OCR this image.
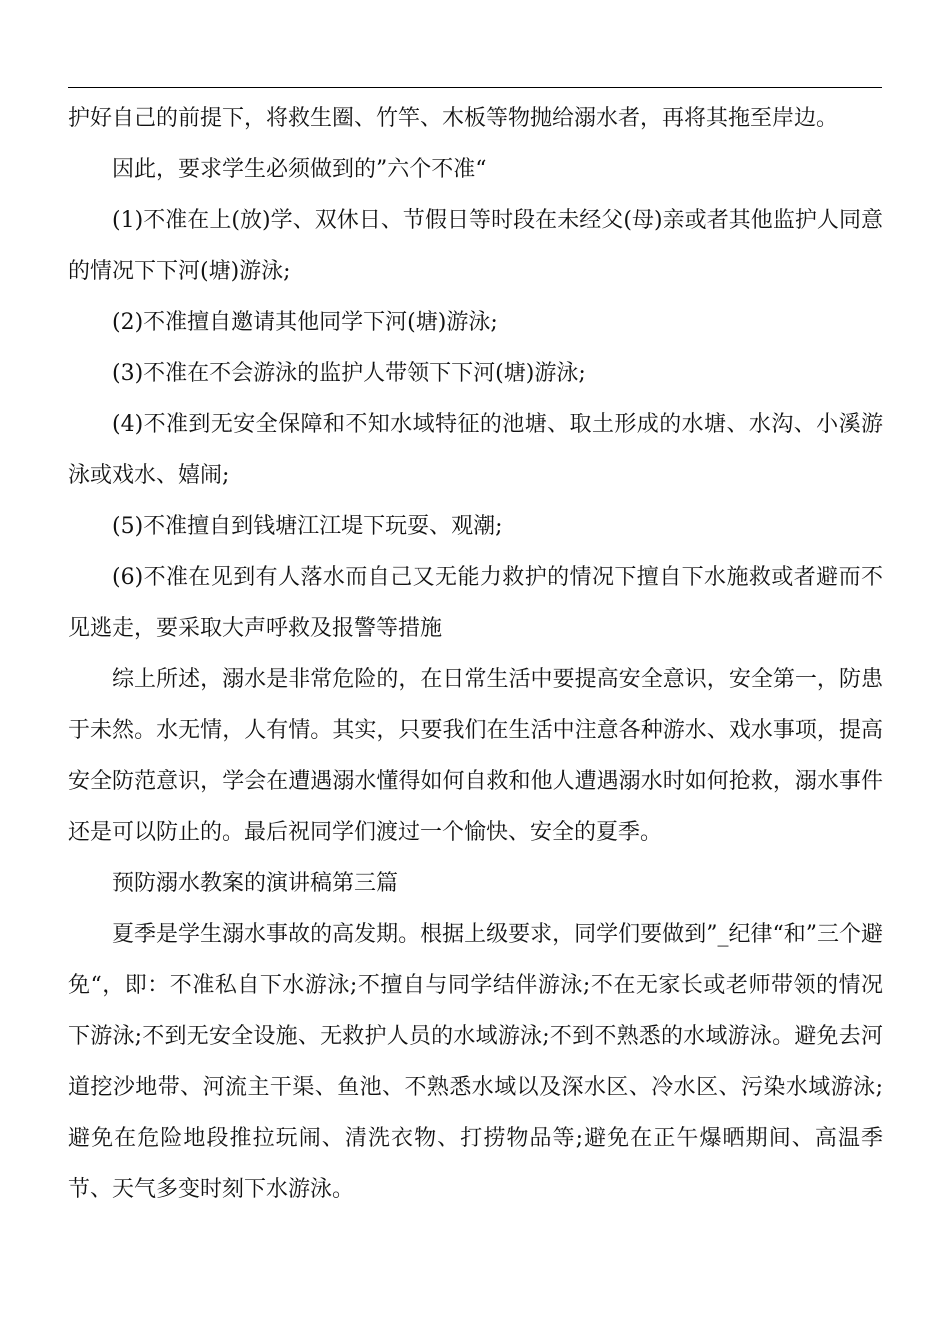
护好自己的前提下，将救生圈、竹竿、木板等物抛给溺水者，再将其拖至岸边。

因此，要求学生必须做到的”六个不准“

(1)不准在上(放)学、双休日、节假日等时段在未经父(母)亲或者其他监护人同意的情况下下河(塘)游泳;

(2)不准擅自邀请其他同学下河(塘)游泳;

(3)不准在不会游泳的监护人带领下下河(塘)游泳;

(4)不准到无安全保障和不知水域特征的池塘、取土形成的水塘、水沟、小溪游泳或戏水、嬉闹;

(5)不准擅自到钱塘江江堤下玩耍、观潮;

(6)不准在见到有人落水而自己又无能力救护的情况下擅自下水施救或者避而不见逃走，要采取大声呼救及报警等措施

综上所述，溺水是非常危险的，在日常生活中要提高安全意识，安全第一，防患于未然。水无情，人有情。其实，只要我们在生活中注意各种游水、戏水事项，提高安全防范意识，学会在遭遇溺水懂得如何自救和他人遭遇溺水时如何抢救，溺水事件还是可以防止的。最后祝同学们渡过一个愉快、安全的夏季。

预防溺水教案的演讲稿第三篇

夏季是学生溺水事故的高发期。根据上级要求，同学们要做到”_纪律“和”三个避免“，即：不准私自下水游泳;不擅自与同学结伴游泳;不在无家长或老师带领的情况下游泳;不到无安全设施、无救护人员的水域游泳;不到不熟悉的水域游泳。避免去河道挖沙地带、河流主干渠、鱼池、不熟悉水域以及深水区、冷水区、污染水域游泳;避免在危险地段推拉玩闹、清洗衣物、打捞物品等;避免在正午爆晒期间、高温季节、天气多变时刻下水游泳。
